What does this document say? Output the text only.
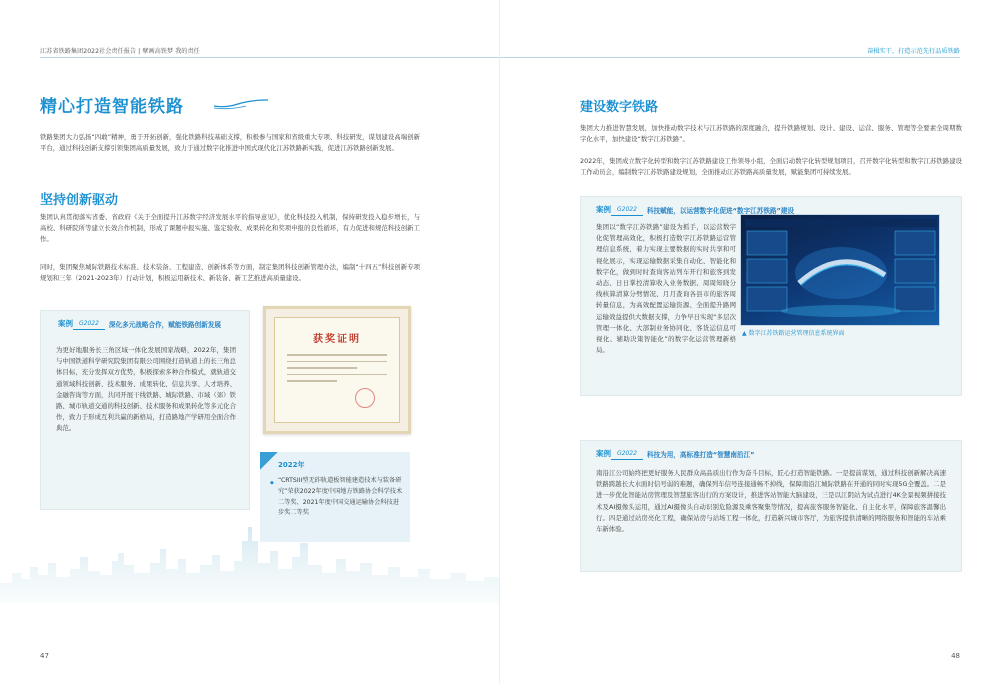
江苏省铁路集团2022社会责任报告 | 擘画高铁梦 我的责任
精心打造智能铁路
铁路集团大力弘扬“四敢”精神，勇于开拓创新，强化铁路科技基础支撑，积极参与国家和省级重大专项、科技研发，谋划建设高端创新平台，通过科技创新支撑引领集团高质量发展，致力于通过数字化推进中国式现代化江苏铁路新实践，促进江苏铁路创新发展。
坚持创新驱动
集团认真贯彻落实省委、省政府《关于全面提升江苏数字经济发展水平的指导意见》，优化科技投入机制，保持研发投入稳步增长，与高校、科研院所等建立长效合作机制，形成了课题申报实施、鉴定验收、成果转化和奖项申报的良性循环，有力促进和规范科技创新工作。
同时，集团聚焦城际铁路技术标准、技术装备、工程建造、创新体系等方面，制定集团科技创新管理办法，编制“十四五”科技创新专项规划和三年（2021-2023年）行动计划，积极运用新技术、新装备、新工艺推进高质量建设。
案例 G2022 深化多元战略合作，赋能铁路创新发展
为更好地服务长三角区域一体化发展国家战略，2022年，集团与中国铁道科学研究院集团有限公司围绕打造轨道上的长三角总体目标，充分发挥双方优势，积极探索多种合作模式，就轨道交通领域科技创新、技术服务、成果转化、信息共享、人才培养、金融咨询等方面，共同开展干线铁路、城际铁路、市域（郊）铁路、城市轨道交通的科技创新、技术服务和成果转化等多元化合作，致力于形成互利共赢的新格局，打造路地产学研用全面合作典范。
获奖证明
2022年
◆ “CRTSIII型无砟轨道板智能建造技术与装备研究”荣获2022年度中国地方铁路协会科学技术二等奖、2021年度中国交通运输协会科技进步奖二等奖
47
奋楫实干，打造示范先行品质铁路
建设数字铁路
集团大力推进智慧发展，加快推动数字技术与江苏铁路的深度融合，提升铁路规划、设计、建设、运营、服务、管理等全要素全周期数字化水平，加快建设“数字江苏铁路”。
2022年，集团成立数字化转型和数字江苏铁路建设工作领导小组，全面启动数字化转型规划项目，召开数字化转型和数字江苏铁路建设工作动员会，编制数字江苏铁路建设规划，全面推动江苏铁路高质量发展，赋能集团可持续发展。
案例 G2022 科技赋能，以运营数字化促进“数字江苏铁路”建设
集团以“数字江苏铁路”建设为抓手，以运营数字化促管理高效化，积极打造数字江苏铁路运营管理信息系统，着力实现主要数据的实时共享和可视化展示，实现运输数据采集自动化、智能化和数字化，做到时时查询客站列车开行和旅客到发动态、日日掌控清算收入业务数据、周周知晓分线核算清算分劈情况、月月查询各县市的旅客周转量信息，为高效配置运输资源、全面提升路网运输效益提供大数据支撑，力争早日实现“多层次管理一体化、大部制业务协同化、客货运信息可视化、辅助决策智能化”的数字化运营管理新格局。
48
▲ 数字江苏铁路运营管理信息系统界面
案例 G2022 科技为用，高标准打造“智慧南沿江”
南沿江公司始终把更好服务人民群众高品质出行作为奋斗目标，匠心打造智能铁路。一是提前谋划，通过科技创新解决高速铁路跨越长大水面时信号弱的难题，确保列车信号连接通畅不掉线，保障南沿江城际铁路在开通的同时实现5G全覆盖。二是进一步优化智能站房管理及智慧旅客出行的方案设计，推进客站智能大脑建设，三是以江阴站为试点进行4K全景视频拼接技术及AI摄像头运用，通过AI摄像头自动识别危险源及乘客聚集等情况，提高旅客服务智能化、自主化水平，保障旅客温馨出行。四是通过站房亮化工程，确保站房与站场工程一体化，打造新兴城市客厅，为旅客提供清晰的网络服务和智能的车站乘车新体验。
